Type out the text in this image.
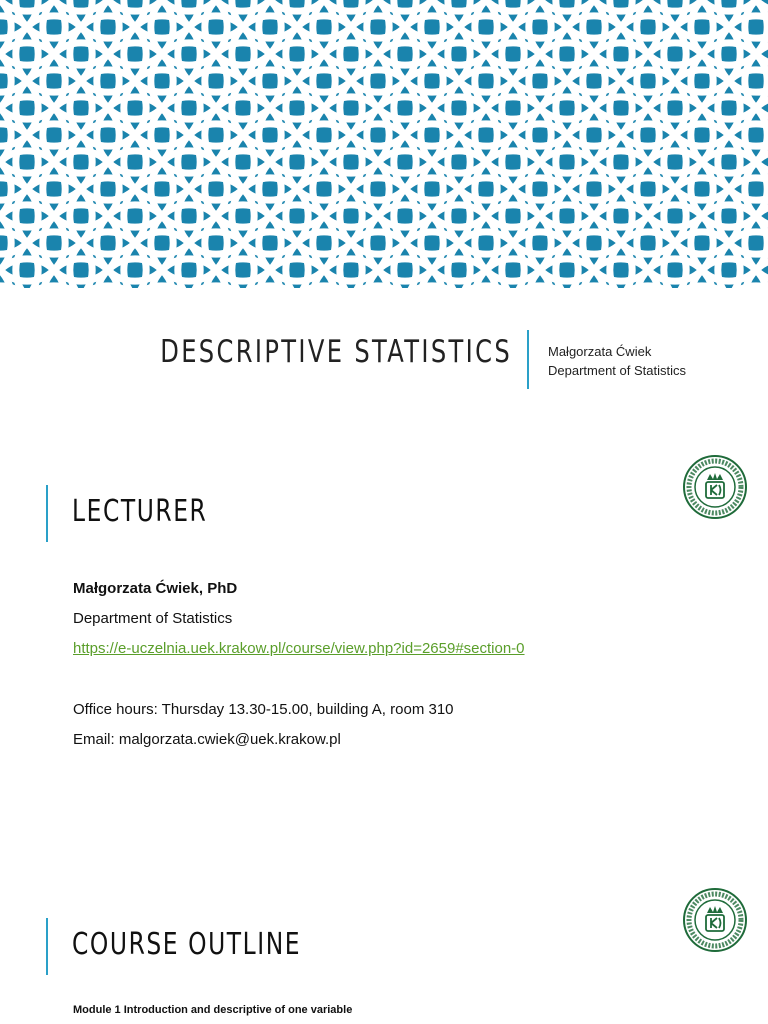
DESCRIPTIVE STATISTICS	Małgorzata Ćwiek
Department of Statistics
LECTURER
Małgorzata Ćwiek, PhD
Department of Statistics
https://e-uczelnia.uek.krakow.pl/course/view.php?id=2659#section-0
Office hours: Thursday 13.30-15.00, building A, room 310
Email: malgorzata.cwiek@uek.krakow.pl
COURSE OUTLINE
Module 1 Introduction and descriptive of one variable
